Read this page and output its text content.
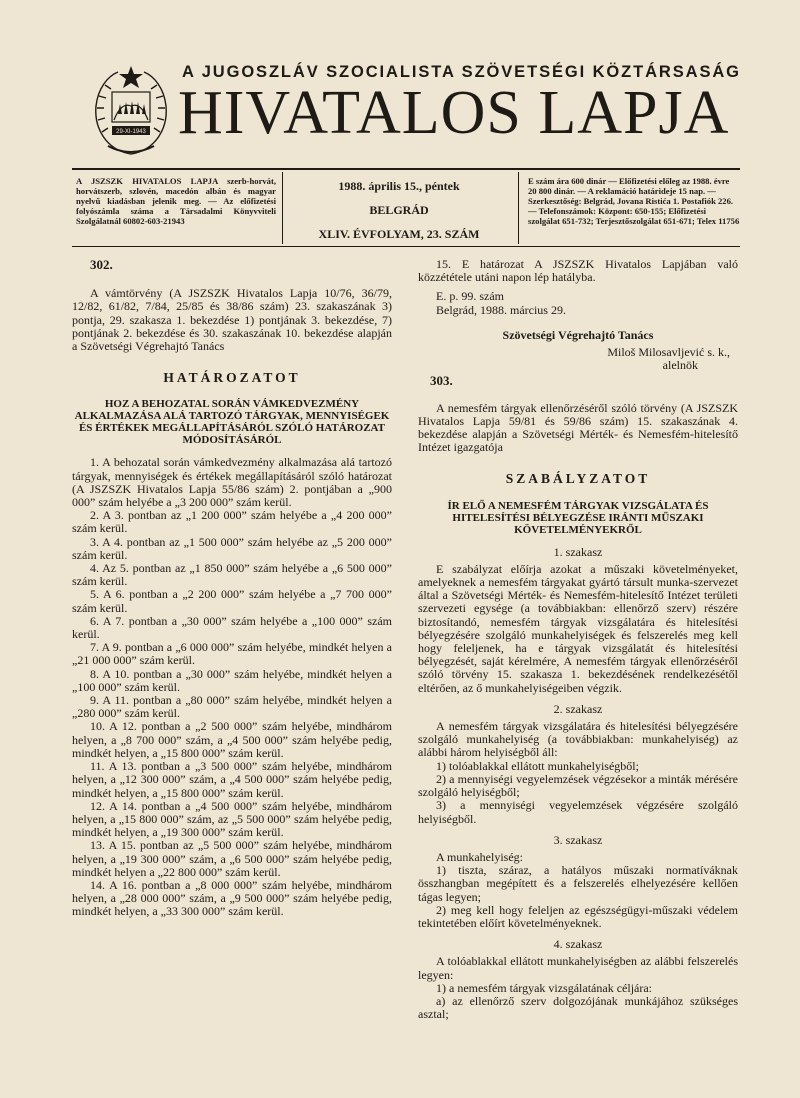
29-XI-1943
A JUGOSZLÁV SZOCIALISTA SZÖVETSÉGI KÖZTÁRSASÁG
HIVATALOS LAPJA
A JSZSZK HIVATALOS LAPJA szerb-horvát, horvátszerb, szlovén, macedón albán és magyar nyelvű kiadásban jelenik meg. — Az előfizetési folyószámla száma a Társadalmi Könyvviteli Szolgálatnál 60802-603-21943
1988. április 15., péntek
BELGRÁD
XLIV. ÉVFOLYAM, 23. SZÁM
E szám ára 600 dinár — Előfizetési előleg az 1988. évre 20 800 dinár. — A reklamáció határideje 15 nap. — Szerkesztőség: Belgrád, Jovana Ristića 1. Postafiók 226. — Telefonszámok: Központ: 650-155; Előfizetési szolgálat 651-732; Terjesztőszolgálat 651-671; Telex 11756
302.

A vámtörvény (A JSZSZK Hivatalos Lapja 10/76, 36/79, 12/82, 61/82, 7/84, 25/85 és 38/86 szám) 23. szakaszának 3) pontja, 29. szakasza 1. bekezdése 1) pontjának 3. bekezdése, 7) pontjának 2. bekezdése és 30. szakaszának 10. bekezdése alapján a Szövetségi Végrehajtó Tanács

HATÁROZATOT
HOZ A BEHOZATAL SORÁN VÁMKEDVEZMÉNY ALKALMAZÁSA ALÁ TARTOZÓ TÁRGYAK, MENNYISÉGEK ÉS ÉRTÉKEK MEGÁLLAPÍTÁSÁRÓL SZÓLÓ HATÁROZAT MÓDOSÍTÁSÁRÓL

1. A behozatal során vámkedvezmény alkalmazása alá tartozó tárgyak, mennyiségek és értékek megállapításáról szóló határozat (A JSZSZK Hivatalos Lapja 55/86 szám) 2. pontjában a „900 000” szám helyébe a „3 200 000” szám kerül.

2. A 3. pontban az „1 200 000” szám helyébe a „4 200 000” szám kerül.

3. A 4. pontban az „1 500 000” szám helyébe az „5 200 000” szám kerül.

4. Az 5. pontban az „1 850 000” szám helyébe a „6 500 000” szám kerül.

5. A 6. pontban a „2 200 000” szám helyébe a „7 700 000” szám kerül.

6. A 7. pontban a „30 000” szám helyébe a „100 000” szám kerül.

7. A 9. pontban a „6 000 000” szám helyébe, mindkét helyen a „21 000 000” szám kerül.

8. A 10. pontban a „30 000” szám helyébe, mindkét helyen a „100 000” szám kerül.

9. A 11. pontban a „80 000” szám helyébe, mindkét helyen a „280 000” szám kerül.

10. A 12. pontban a „2 500 000” szám helyébe, mindhárom helyen, a „8 700 000” szám, a „4 500 000” szám helyébe pedig, mindkét helyen, a „15 800 000” szám kerül.

11. A 13. pontban a „3 500 000” szám helyébe, mindhárom helyen, a „12 300 000” szám, a „4 500 000” szám helyébe pedig, mindkét helyen, a „15 800 000” szám kerül.

12. A 14. pontban a „4 500 000” szám helyébe, mindhárom helyen, a „15 800 000” szám, az „5 500 000” szám helyébe pedig, mindkét helyen, a „19 300 000” szám kerül.

13. A 15. pontban az „5 500 000” szám helyébe, mindhárom helyen, a „19 300 000” szám, a „6 500 000” szám helyébe pedig, mindkét helyen a „22 800 000” szám kerül.

14. A 16. pontban a „8 000 000” szám helyébe, mindhárom helyen, a „28 000 000” szám, a „9 500 000” szám helyébe pedig, mindkét helyen, a „33 300 000” szám kerül.

15. E határozat A JSZSZK Hivatalos Lapjában való közzététele utáni napon lép hatályba.

E. p. 99. szám

Belgrád, 1988. március 29.

Szövetségi Végrehajtó Tanács
Miloš Milosavljević s. k.,
alelnök
303.

A nemesfém tárgyak ellenőrzéséről szóló törvény (A JSZSZK Hivatalos Lapja 59/81 és 59/86 szám) 15. szakaszának 4. bekezdése alapján a Szövetségi Mérték- és Nemesfém-hitelesítő Intézet igazgatója

SZABÁLYZATOT
ÍR ELŐ A NEMESFÉM TÁRGYAK VIZSGÁLATA ÉS HITELESÍTÉSI BÉLYEGZÉSE IRÁNTI MŰSZAKI KÖVETELMÉNYEKRŐL
1. szakasz

E szabályzat előírja azokat a műszaki követelményeket, amelyeknek a nemesfém tárgyakat gyártó társult munka-szervezet által a Szövetségi Mérték- és Nemesfém-hitelesítő Intézet területi szervezeti egysége (a továbbiakban: ellenőrző szerv) részére biztosítandó, nemesfém tárgyak vizsgálatára és hitelesítési bélyegzésére szolgáló munkahelyiségek és felszerelés meg kell hogy feleljenek, ha e tárgyak vizsgálatát és hitelesítési bélyegzését, saját kérelmére, A nemesfém tárgyak ellenőrzéséről szóló törvény 15. szakasza 1. bekezdésének rendelkezésétől eltérően, az ő munkahelyiségeiben végzik.

2. szakasz

A nemesfém tárgyak vizsgálatára és hitelesítési bélyegzésére szolgáló munkahelyiség (a továbbiakban: munkahelyiség) az alábbi három helyiségből áll:

1) tolóablakkal ellátott munkahelyiségből;

2) a mennyiségi vegyelemzések végzésekor a minták mérésére szolgáló helyiségből;

3) a mennyiségi vegyelemzések végzésére szolgáló helyiségből.

3. szakasz

A munkahelyiség:

1) tiszta, száraz, a hatályos műszaki normatíváknak összhangban megépített és a felszerelés elhelyezésére kellően tágas legyen;

2) meg kell hogy feleljen az egészségügyi-műszaki védelem tekintetében előírt követelményeknek.

4. szakasz

A tolóablakkal ellátott munkahelyiségben az alábbi felszerelés legyen:

1) a nemesfém tárgyak vizsgálatának céljára:

a) az ellenőrző szerv dolgozójának munkájához szükséges asztal;
